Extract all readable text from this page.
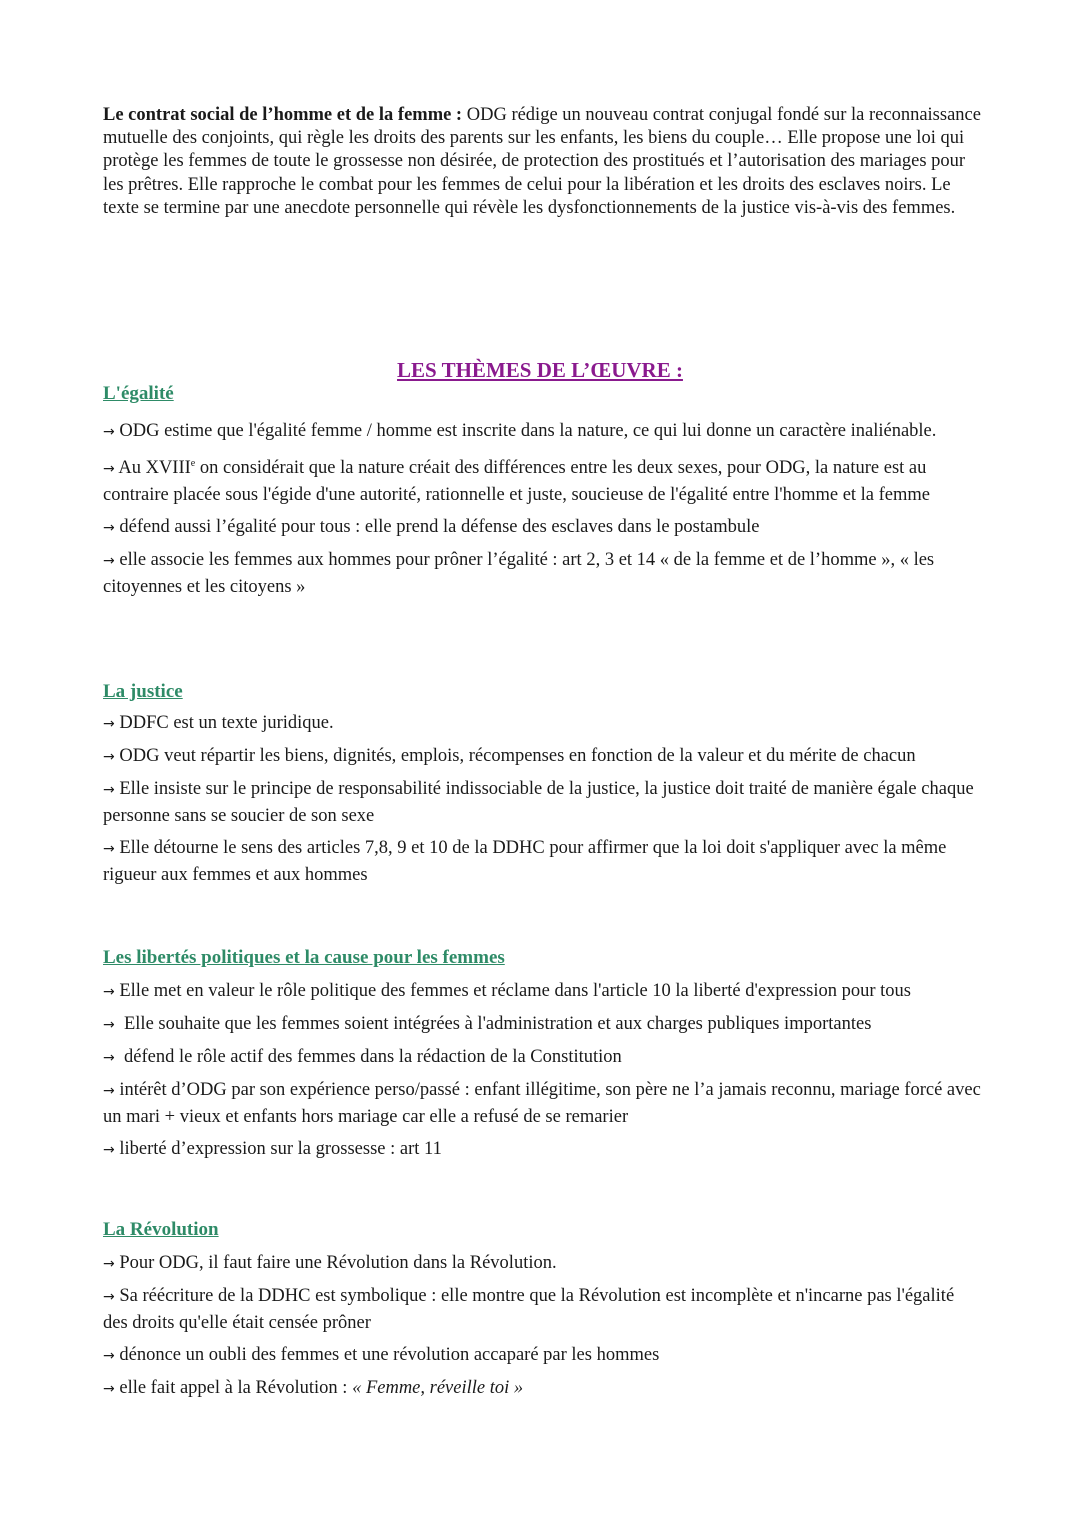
Le contrat social de l’homme et de la femme : ODG rédige un nouveau contrat conjugal fondé sur la reconnaissance mutuelle des conjoints, qui règle les droits des parents sur les enfants, les biens du couple… Elle propose une loi qui protège les femmes de toute le grossesse non désirée, de protection des prostitués et l’autorisation des mariages pour les prêtres. Elle rapproche le combat pour les femmes de celui pour la libération et les droits des esclaves noirs. Le texte se termine par une anecdote personnelle qui révèle les dysfonctionnements de la justice vis-à-vis des femmes.

LES THÈMES DE L’ŒUVRE :
L'égalité

→ ODG estime que l'égalité femme / homme est inscrite dans la nature, ce qui lui donne un caractère inaliénable.

→ Au XVIIIe on considérait que la nature créait des différences entre les deux sexes, pour ODG, la nature est au contraire placée sous l'égide d'une autorité, rationnelle et juste, soucieuse de l'égalité entre l'homme et la femme

→ défend aussi l’égalité pour tous : elle prend la défense des esclaves dans le postambule

→ elle associe les femmes aux hommes pour prôner l’égalité : art 2, 3 et 14 « de la femme et de l’homme », « les citoyennes et les citoyens »

La justice

→ DDFC est un texte juridique.

→ ODG veut répartir les biens, dignités, emplois, récompenses en fonction de la valeur et du mérite de chacun

→ Elle insiste sur le principe de responsabilité indissociable de la justice, la justice doit traité de manière égale chaque personne sans se soucier de son sexe

→ Elle détourne le sens des articles 7,8, 9 et 10 de la DDHC pour affirmer que la loi doit s'appliquer avec la même rigueur aux femmes et aux hommes

Les libertés politiques et la cause pour les femmes

→ Elle met en valeur le rôle politique des femmes et réclame dans l'article 10 la liberté d'expression pour tous

→ Elle souhaite que les femmes soient intégrées à l'administration et aux charges publiques importantes

→ défend le rôle actif des femmes dans la rédaction de la Constitution

→ intérêt d’ODG par son expérience perso/passé : enfant illégitime, son père ne l’a jamais reconnu, mariage forcé avec un mari + vieux et enfants hors mariage car elle a refusé de se remarier

→ liberté d’expression sur la grossesse : art 11

La Révolution

→ Pour ODG, il faut faire une Révolution dans la Révolution.

→ Sa réécriture de la DDHC est symbolique : elle montre que la Révolution est incomplète et n'incarne pas l'égalité des droits qu'elle était censée prôner

→ dénonce un oubli des femmes et une révolution accaparé par les hommes

→ elle fait appel à la Révolution : « Femme, réveille toi »
